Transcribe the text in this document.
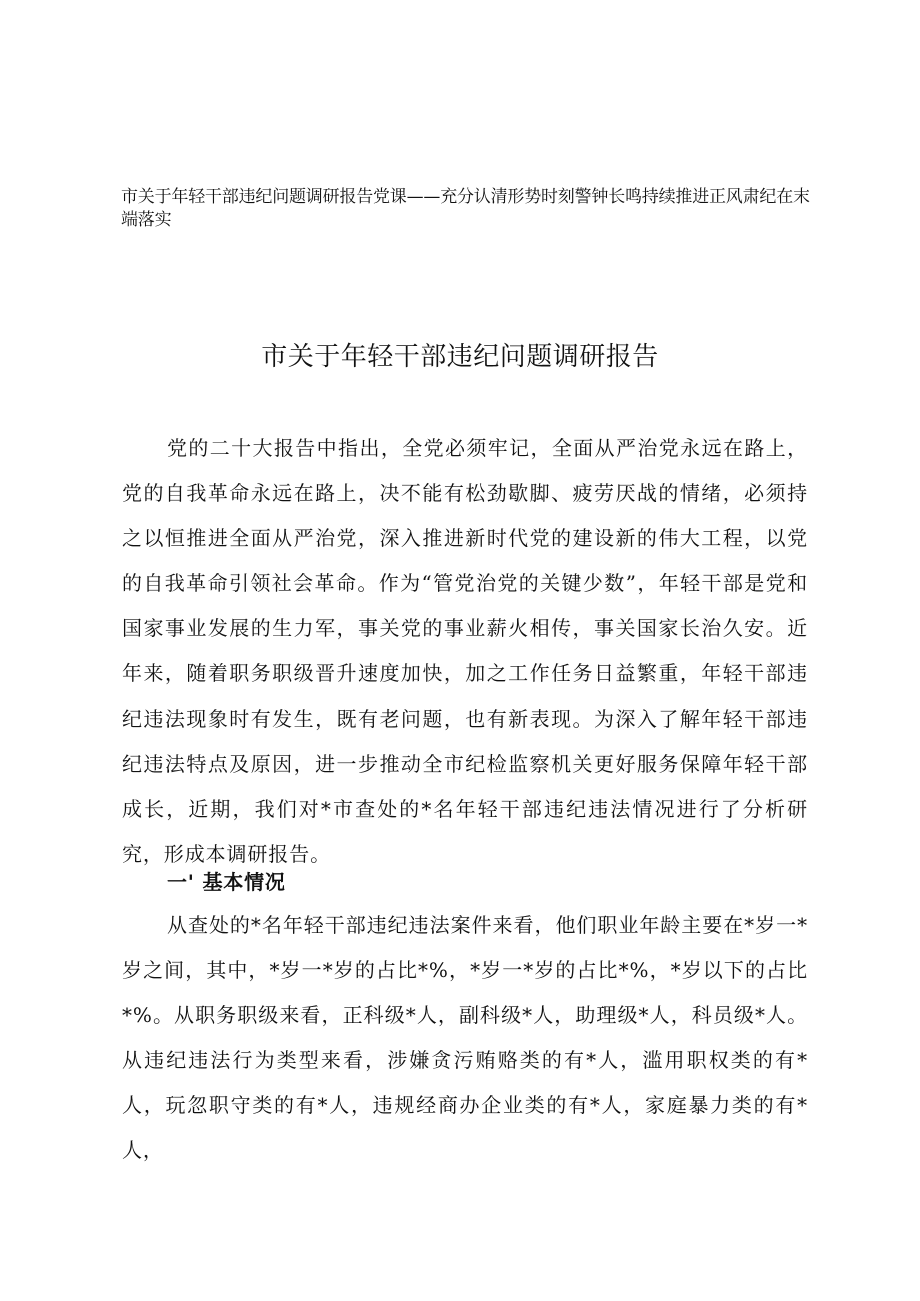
市关于年轻干部违纪问题调研报告党课——充分认清形势时刻警钟长鸣持续推进正风肃纪在末端落实
市关于年轻干部违纪问题调研报告

党的二十大报告中指出，全党必须牢记，全面从严治党永远在路上，党的自我革命永远在路上，决不能有松劲歇脚、疲劳厌战的情绪，必须持之以恒推进全面从严治党，深入推进新时代党的建设新的伟大工程，以党的自我革命引领社会革命。作为“管党治党的关键少数”，年轻干部是党和国家事业发展的生力军，事关党的事业薪火相传，事关国家长治久安。近年来，随着职务职级晋升速度加快，加之工作任务日益繁重，年轻干部违纪违法现象时有发生，既有老问题，也有新表现。为深入了解年轻干部违纪违法特点及原因，进一步推动全市纪检监察机关更好服务保障年轻干部成长，近期，我们对*市查处的*名年轻干部违纪违法情况进行了分析研究，形成本调研报告。

一' 基本情况

从查处的*名年轻干部违纪违法案件来看，他们职业年龄主要在*岁一*岁之间，其中，*岁一*岁的占比*%，*岁一*岁的占比*%，*岁以下的占比*%。从职务职级来看，正科级*人，副科级*人，助理级*人，科员级*人。从违纪违法行为类型来看，涉嫌贪污贿赂类的有*人，滥用职权类的有*人，玩忽职守类的有*人，违规经商办企业类的有*人，家庭暴力类的有*人，
